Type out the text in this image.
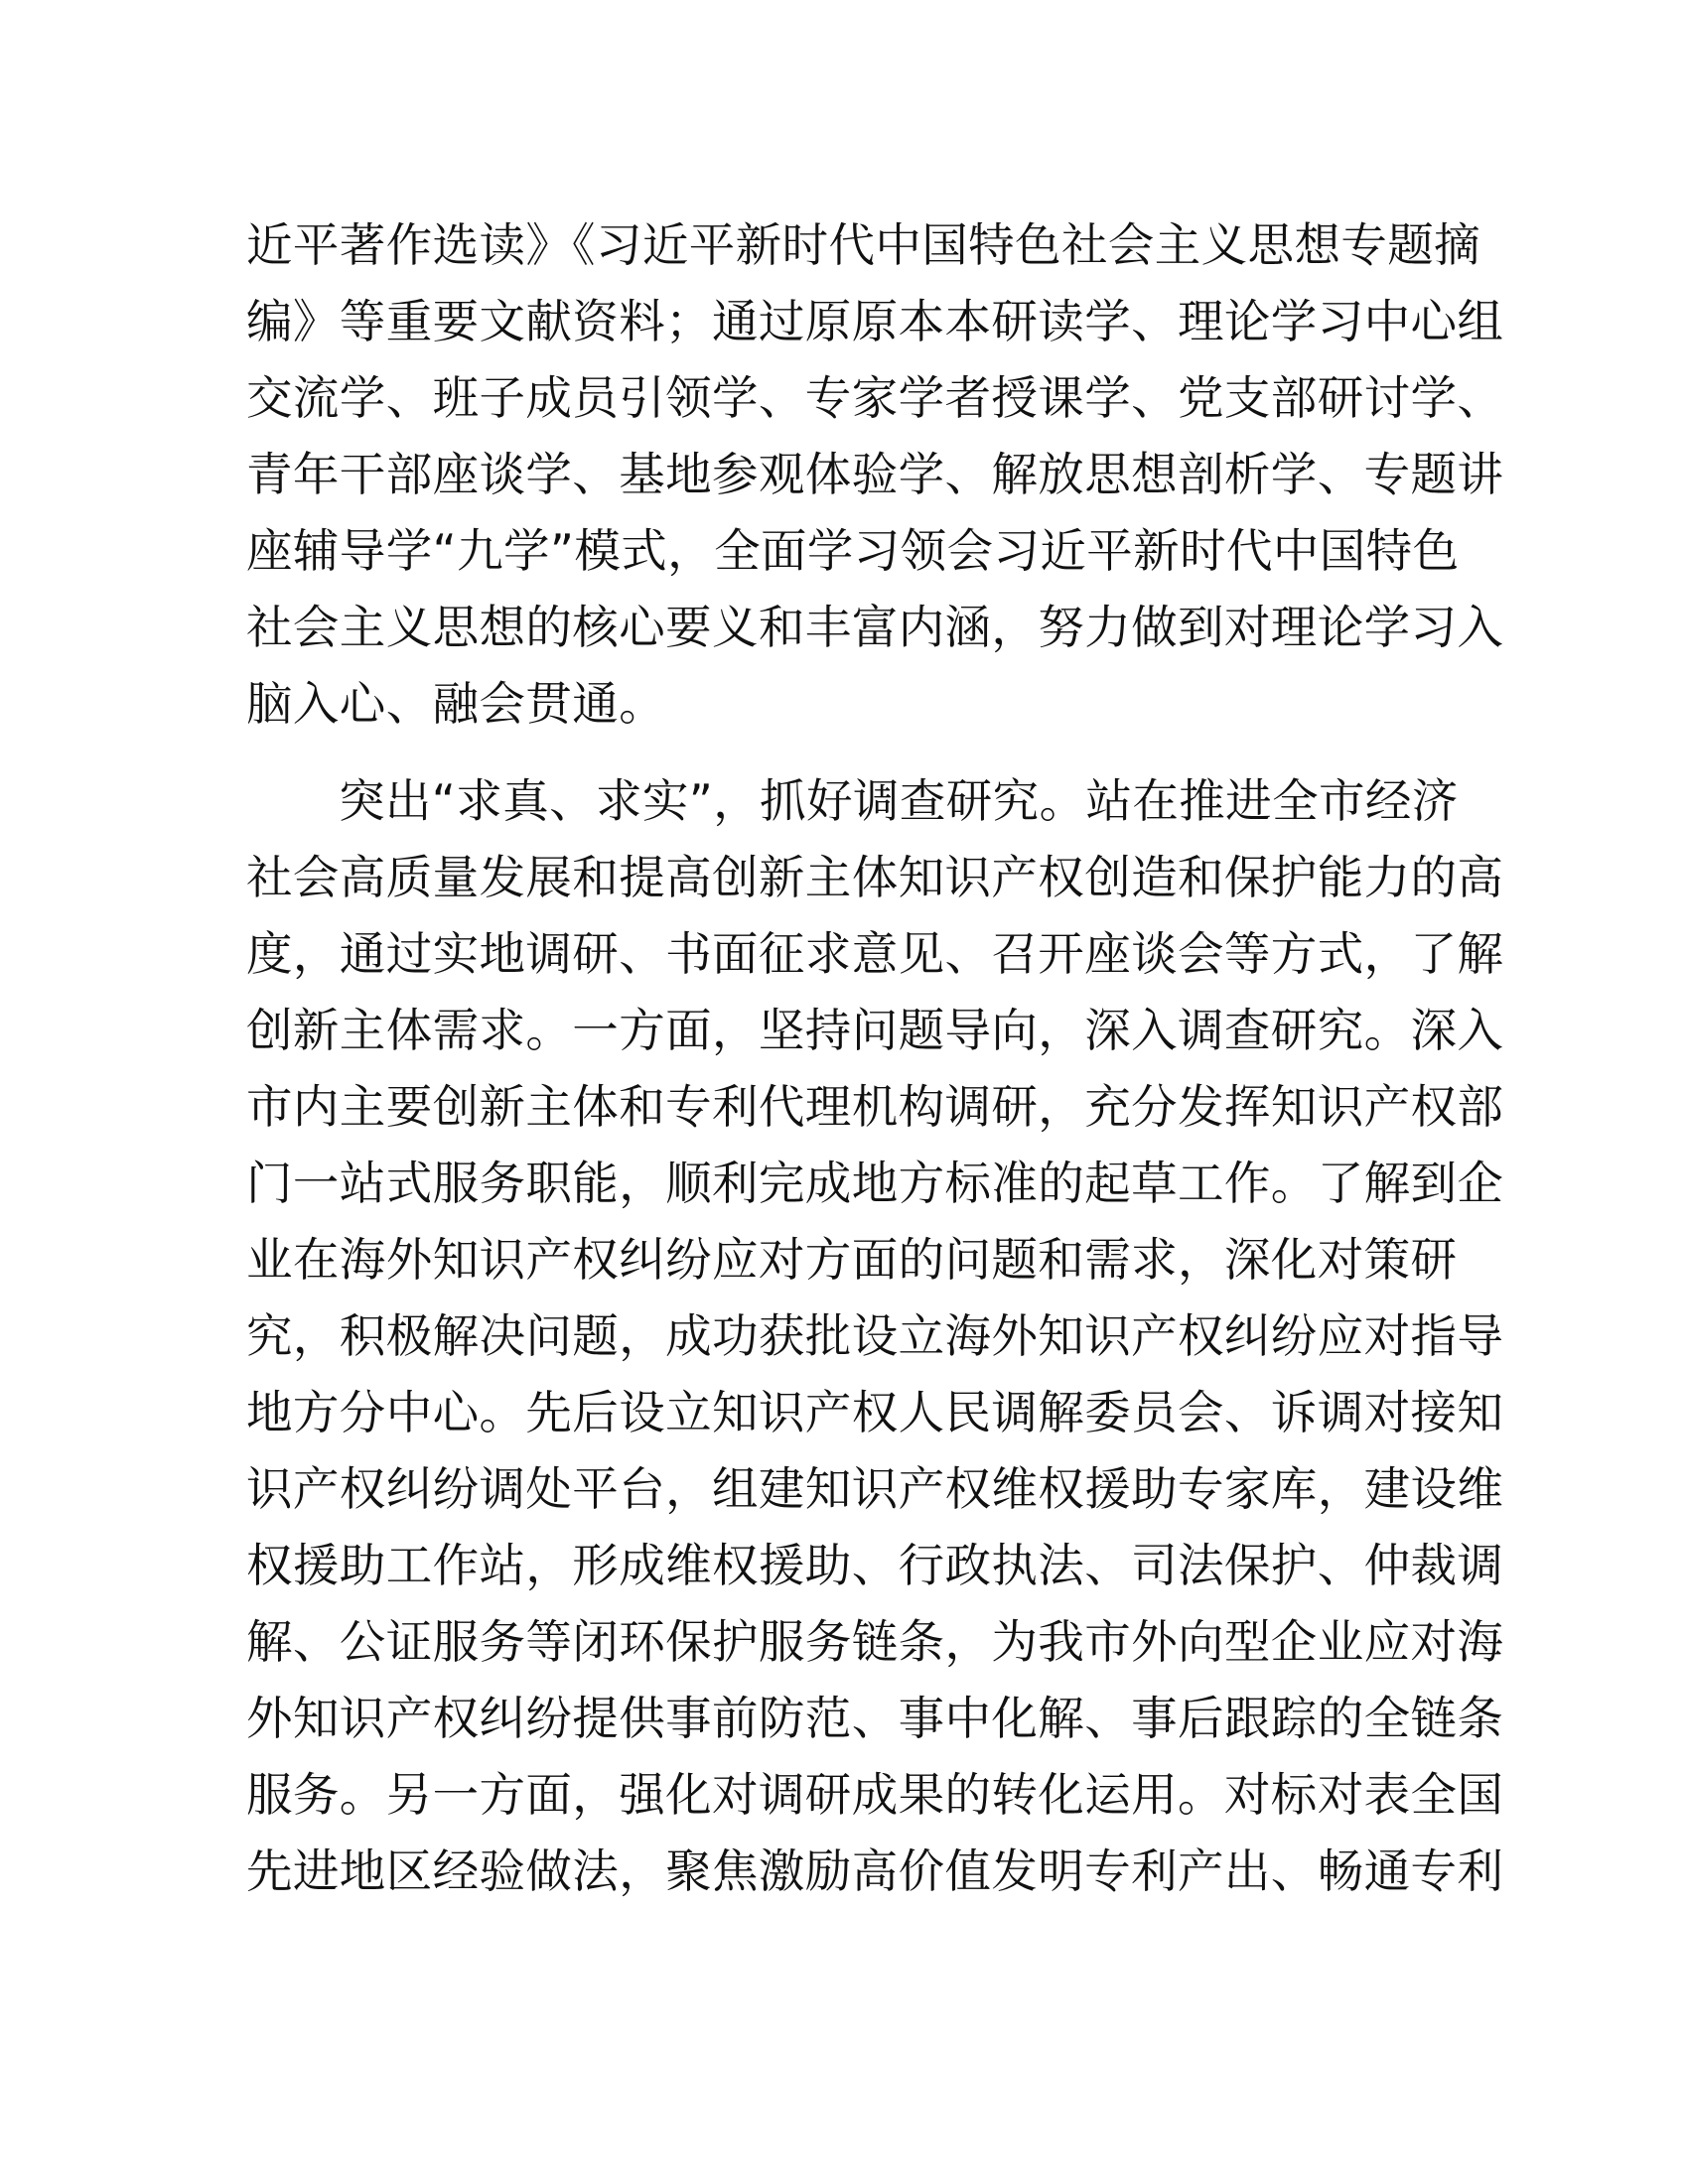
近平著作选读》《习近平新时代中国特色社会主义思想专题摘
编》等重要文献资料；通过原原本本研读学、理论学习中心组
交流学、班子成员引领学、专家学者授课学、党支部研讨学、
青年干部座谈学、基地参观体验学、解放思想剖析学、专题讲
座辅导学“九学”模式，全面学习领会习近平新时代中国特色
社会主义思想的核心要义和丰富内涵，努力做到对理论学习入
脑入心、融会贯通。
突出“求真、求实”，抓好调查研究。站在推进全市经济
社会高质量发展和提高创新主体知识产权创造和保护能力的高
度，通过实地调研、书面征求意见、召开座谈会等方式，了解
创新主体需求。一方面，坚持问题导向，深入调查研究。深入
市内主要创新主体和专利代理机构调研，充分发挥知识产权部
门一站式服务职能，顺利完成地方标准的起草工作。了解到企
业在海外知识产权纠纷应对方面的问题和需求，深化对策研
究，积极解决问题，成功获批设立海外知识产权纠纷应对指导
地方分中心。先后设立知识产权人民调解委员会、诉调对接知
识产权纠纷调处平台，组建知识产权维权援助专家库，建设维
权援助工作站，形成维权援助、行政执法、司法保护、仲裁调
解、公证服务等闭环保护服务链条，为我市外向型企业应对海
外知识产权纠纷提供事前防范、事中化解、事后跟踪的全链条
服务。另一方面，强化对调研成果的转化运用。对标对表全国
先进地区经验做法，聚焦激励高价值发明专利产出、畅通专利
